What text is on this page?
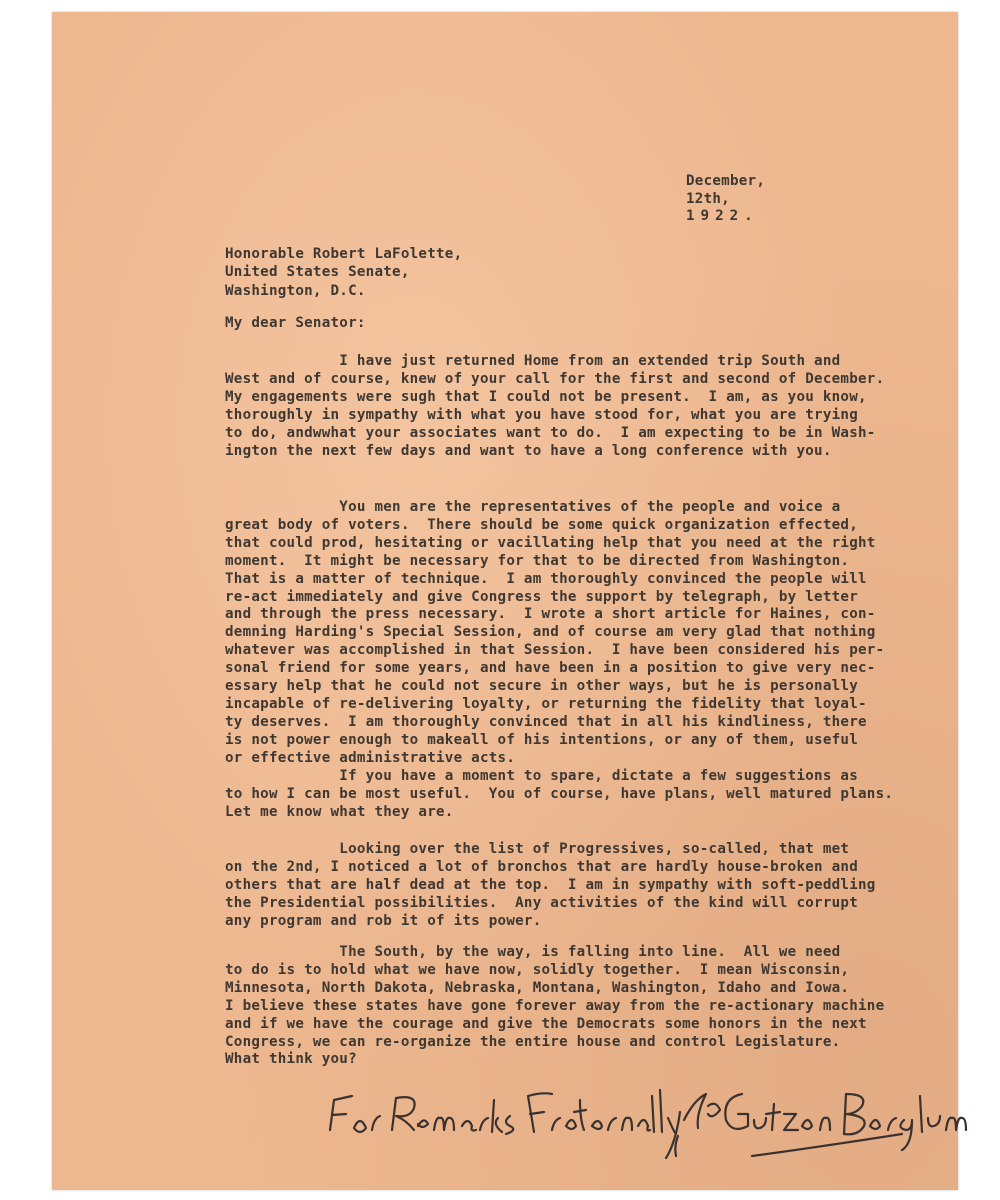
December,
12th,
1922.
Honorable Robert LaFolette,
United States Senate,
Washington, D.C.
My dear Senator:
I have just returned Home from an extended trip South and
West and of course, knew of your call for the first and second of December.
My engagements were sugh that I could not be present.  I am, as you know,
thoroughly in sympathy with what you have stood for, what you are trying
to do, andwwhat your associates want to do.  I am expecting to be in Wash-
ington the next few days and want to have a long conference with you.
You men are the representatives of the people and voice a
great body of voters.  There should be some quick organization effected,
that could prod, hesitating or vacillating help that you need at the right
moment.  It might be necessary for that to be directed from Washington.
That is a matter of technique.  I am thoroughly convinced the people will
re-act immediately and give Congress the support by telegraph, by letter
and through the press necessary.  I wrote a short article for Haines, con-
demning Harding's Special Session, and of course am very glad that nothing
whatever was accomplished in that Session.  I have been considered his per-
sonal friend for some years, and have been in a position to give very nec-
essary help that he could not secure in other ways, but he is personally
incapable of re-delivering loyalty, or returning the fidelity that loyal-
ty deserves.  I am thoroughly convinced that in all his kindliness, there
is not power enough to makeall of his intentions, or any of them, useful
or effective administrative acts.
If you have a moment to spare, dictate a few suggestions as
to how I can be most useful.  You of course, have plans, well matured plans.
Let me know what they are.
Looking over the list of Progressives, so-called, that met
on the 2nd, I noticed a lot of bronchos that are hardly house-broken and
others that are half dead at the top.  I am in sympathy with soft-peddling
the Presidential possibilities.  Any activities of the kind will corrupt
any program and rob it of its power.
The South, by the way, is falling into line.  All we need
to do is to hold what we have now, solidly together.  I mean Wisconsin,
Minnesota, North Dakota, Nebraska, Montana, Washington, Idaho and Iowa.
I believe these states have gone forever away from the re-actionary machine
and if we have the courage and give the Democrats some honors in the next
Congress, we can re-organize the entire house and control Legislature.
What think you?
